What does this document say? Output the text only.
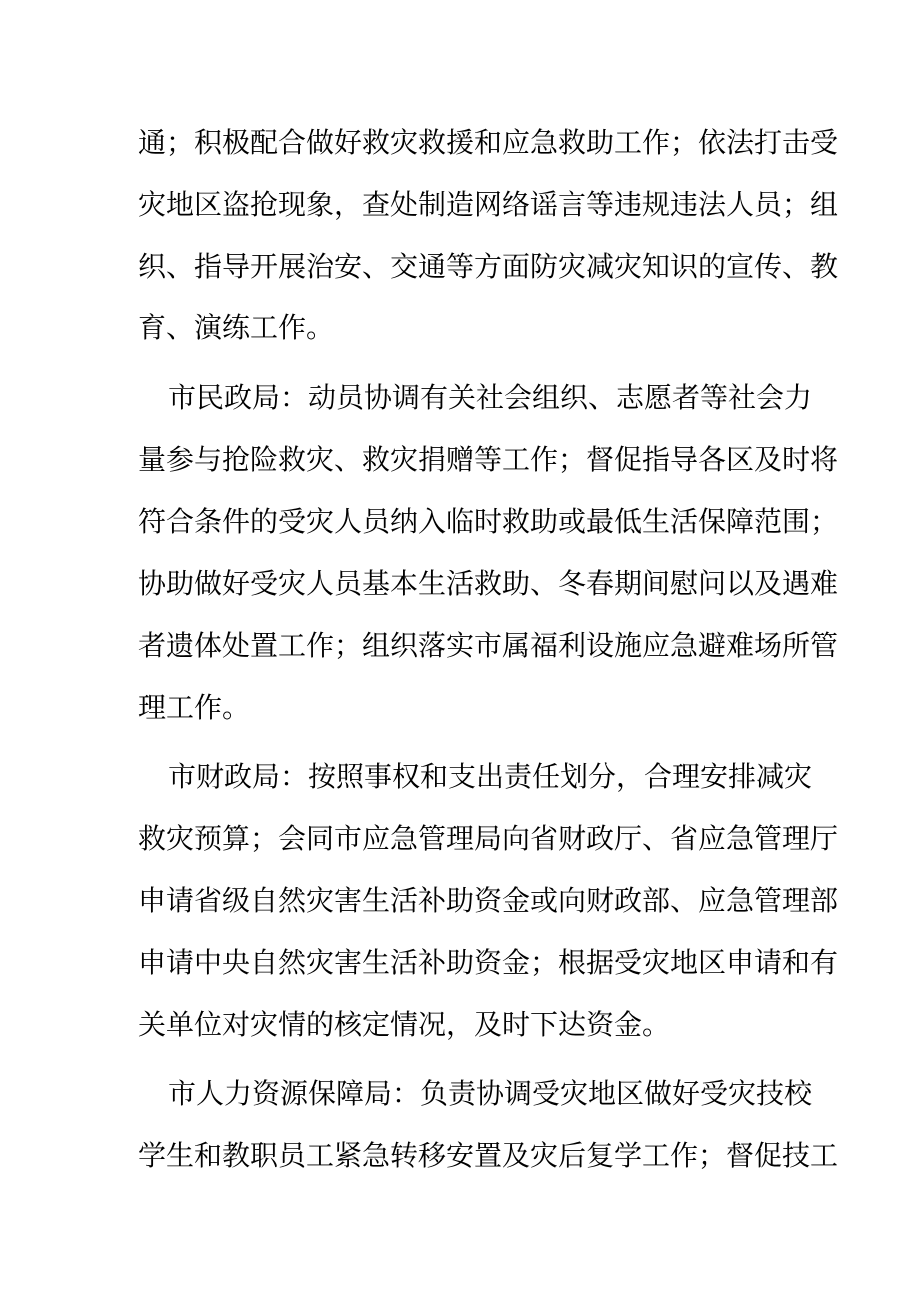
通；积极配合做好救灾救援和应急救助工作；依法打击受
灾地区盗抢现象，查处制造网络谣言等违规违法人员；组
织、指导开展治安、交通等方面防灾减灾知识的宣传、教
育、演练工作。
市民政局：动员协调有关社会组织、志愿者等社会力
量参与抢险救灾、救灾捐赠等工作；督促指导各区及时将
符合条件的受灾人员纳入临时救助或最低生活保障范围；
协助做好受灾人员基本生活救助、冬春期间慰问以及遇难
者遗体处置工作；组织落实市属福利设施应急避难场所管
理工作。
市财政局：按照事权和支出责任划分，合理安排减灾
救灾预算；会同市应急管理局向省财政厅、省应急管理厅
申请省级自然灾害生活补助资金或向财政部、应急管理部
申请中央自然灾害生活补助资金；根据受灾地区申请和有
关单位对灾情的核定情况，及时下达资金。
市人力资源保障局：负责协调受灾地区做好受灾技校
学生和教职员工紧急转移安置及灾后复学工作；督促技工
